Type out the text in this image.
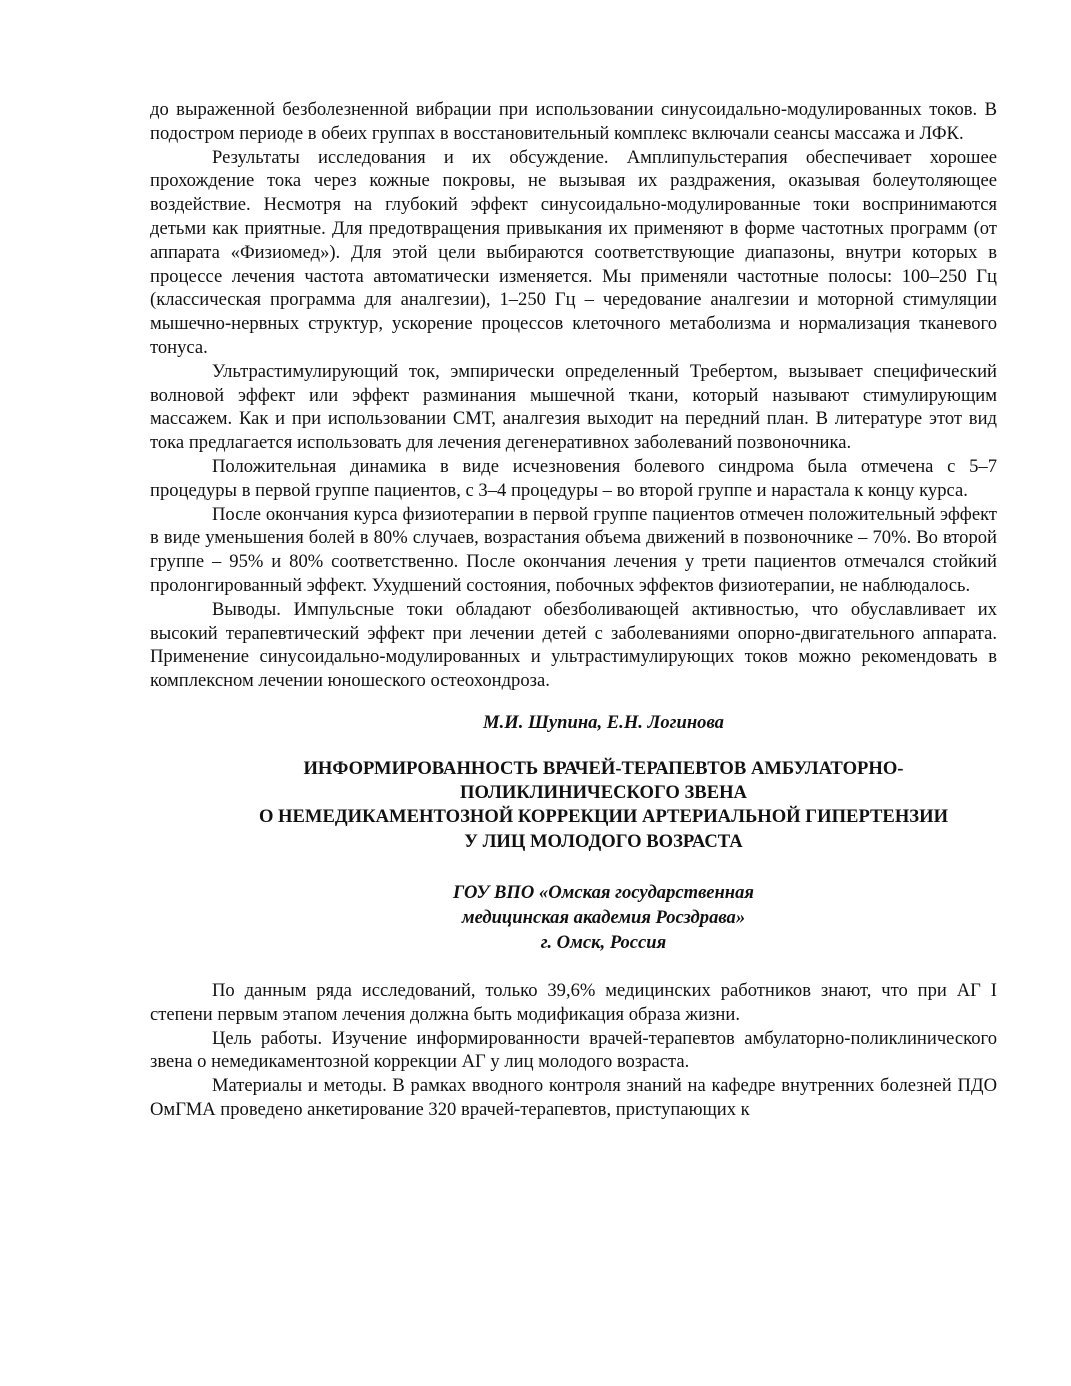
до выраженной безболезненной вибрации при использовании синусоидально-модулированных токов. В подостром периоде в обеих группах в восстановительный комплекс включали сеансы массажа и ЛФК.

Результаты исследования и их обсуждение. Амплипульстерапия обеспечивает хорошее прохождение тока через кожные покровы, не вызывая их раздражения, оказывая болеутоляющее воздействие. Несмотря на глубокий эффект синусоидально-модулированные токи воспринимаются детьми как приятные. Для предотвращения привыкания их применяют в форме частотных программ (от аппарата «Физиомед»). Для этой цели выбираются соответствующие диапазоны, внутри которых в процессе лечения частота автоматически изменяется. Мы применяли частотные полосы: 100–250 Гц (классическая программа для аналгезии), 1–250 Гц – чередование аналгезии и моторной стимуляции мышечно-нервных структур, ускорение процессов клеточного метаболизма и нормализация тканевого тонуса.

Ультрастимулирующий ток, эмпирически определенный Требертом, вызывает специфический волновой эффект или эффект разминания мышечной ткани, который называют стимулирующим массажем. Как и при использовании СМТ, аналгезия выходит на передний план. В литературе этот вид тока предлагается использовать для лечения дегенеративнох заболеваний позвоночника.

Положительная динамика в виде исчезновения болевого синдрома была отмечена с 5–7 процедуры в первой группе пациентов, с 3–4 процедуры – во второй группе и нарастала к концу курса.

После окончания курса физиотерапии в первой группе пациентов отмечен положительный эффект в виде уменьшения болей в 80% случаев, возрастания объема движений в позвоночнике – 70%. Во второй группе – 95% и 80% соответственно. После окончания лечения у трети пациентов отмечался стойкий пролонгированный эффект. Ухудшений состояния, побочных эффектов физиотерапии, не наблюдалось.

Выводы. Импульсные токи обладают обезболивающей активностью, что обуславливает их высокий терапевтический эффект при лечении детей с заболеваниями опорно-двигательного аппарата. Применение синусоидально-модулированных и ультрастимулирующих токов можно рекомендовать в комплексном лечении юношеского остеохондроза.

М.И. Шупина, Е.Н. Логинова

ИНФОРМИРОВАННОСТЬ ВРАЧЕЙ-ТЕРАПЕВТОВ АМБУЛАТОРНО-
ПОЛИКЛИНИЧЕСКОГО ЗВЕНА
О НЕМЕДИКАМЕНТОЗНОЙ КОРРЕКЦИИ АРТЕРИАЛЬНОЙ ГИПЕРТЕНЗИИ
У ЛИЦ МОЛОДОГО ВОЗРАСТА

ГОУ ВПО «Омская государственная
медицинская академия Росздрава»
г. Омск, Россия

По данным ряда исследований, только 39,6% медицинских работников знают, что при АГ I степени первым этапом лечения должна быть модификация образа жизни.

Цель работы. Изучение информированности врачей-терапевтов амбулаторно-поликлинического звена о немедикаментозной коррекции АГ у лиц молодого возраста.

Материалы и методы. В рамках вводного контроля знаний на кафедре внутренних болезней ПДО ОмГМА проведено анкетирование 320 врачей-терапевтов, приступающих к
